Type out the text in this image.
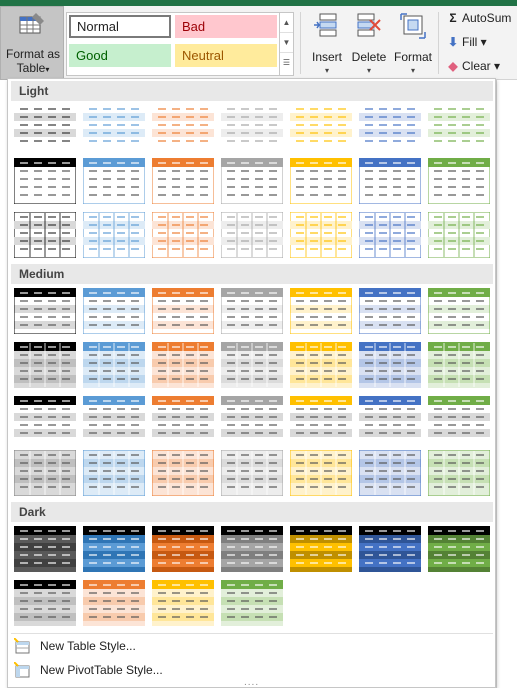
Format as Table▾
Normal	Bad
Good	Neutral
▲
▼
☰	Insert
▾
Delete
▾
Format
▾
Σ AutoSum
⬇ Fill ▾
◆ Clear ▾
Light
Medium
Dark
New Table Style...
New PivotTable Style...
....
